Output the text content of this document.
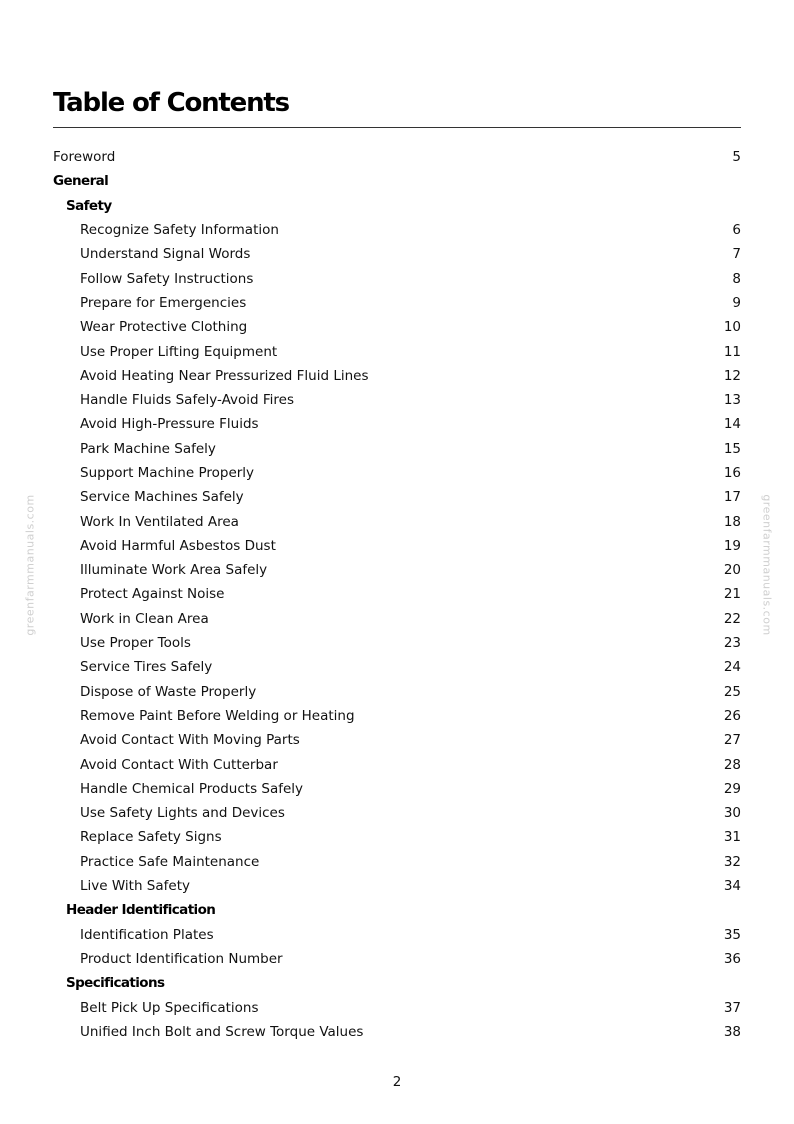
Table of Contents
Foreword	5
General
Safety
Recognize Safety Information	6
Understand Signal Words	7
Follow Safety Instructions	8
Prepare for Emergencies	9
Wear Protective Clothing	10
Use Proper Lifting Equipment	11
Avoid Heating Near Pressurized Fluid Lines	12
Handle Fluids Safely-Avoid Fires	13
Avoid High-Pressure Fluids	14
Park Machine Safely	15
Support Machine Properly	16
Service Machines Safely	17
Work In Ventilated Area	18
Avoid Harmful Asbestos Dust	19
Illuminate Work Area Safely	20
Protect Against Noise	21
Work in Clean Area	22
Use Proper Tools	23
Service Tires Safely	24
Dispose of Waste Properly	25
Remove Paint Before Welding or Heating	26
Avoid Contact With Moving Parts	27
Avoid Contact With Cutterbar	28
Handle Chemical Products Safely	29
Use Safety Lights and Devices	30
Replace Safety Signs	31
Practice Safe Maintenance	32
Live With Safety	34
Header Identification
Identification Plates	35
Product Identification Number	36
Specifications
Belt Pick Up Specifications	37
Unified Inch Bolt and Screw Torque Values	38
greenfarmmanuals.com	greenfarmmanuals.com
2
